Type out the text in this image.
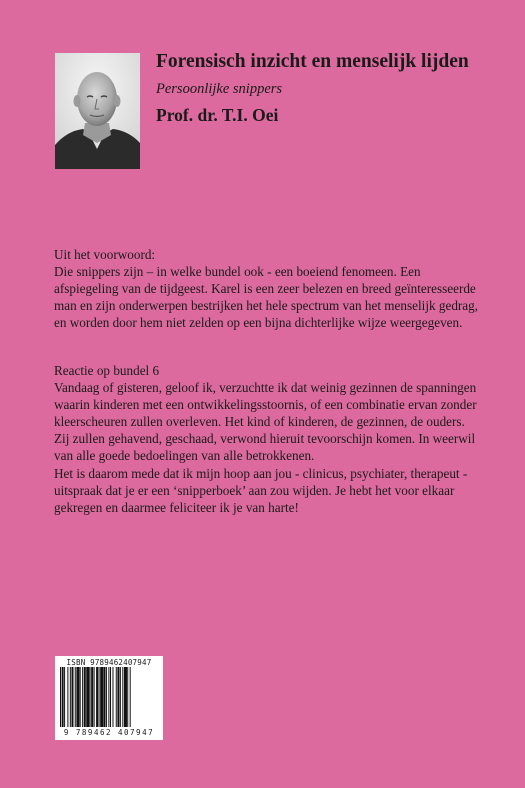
Forensisch inzicht en menselijk lijden
Persoonlijke snippers
Prof. dr. T.I. Oei
Uit het voorwoord:
Die snippers zijn – in welke bundel ook - een boeiend fenomeen. Een afspiegeling van de tijdgeest. Karel is een zeer belezen en breed geïnteresseerde man en zijn onderwerpen bestrijken het hele spectrum van het menselijk gedrag, en worden door hem niet zelden op een bijna dichterlijke wijze weergegeven.
Reactie op bundel 6
Vandaag of gisteren, geloof ik, verzuchtte ik dat weinig gezinnen de spanningen waarin kinderen met een ontwikkelingsstoornis, of een combinatie ervan zonder kleerscheuren zullen overleven. Het kind of kinderen, de gezinnen, de ouders. Zij zullen gehavend, geschaad, verwond hieruit tevoorschijn komen. In weerwil van alle goede bedoelingen van alle betrokkenen.
Het is daarom mede dat ik mijn hoop aan jou - clinicus, psychiater, therapeut - uitspraak dat je er een ‘snipperboek’ aan zou wijden. Je hebt het voor elkaar gekregen en daarmee feliciteer ik je van harte!
ISBN 9789462407947
9 789462 407947
